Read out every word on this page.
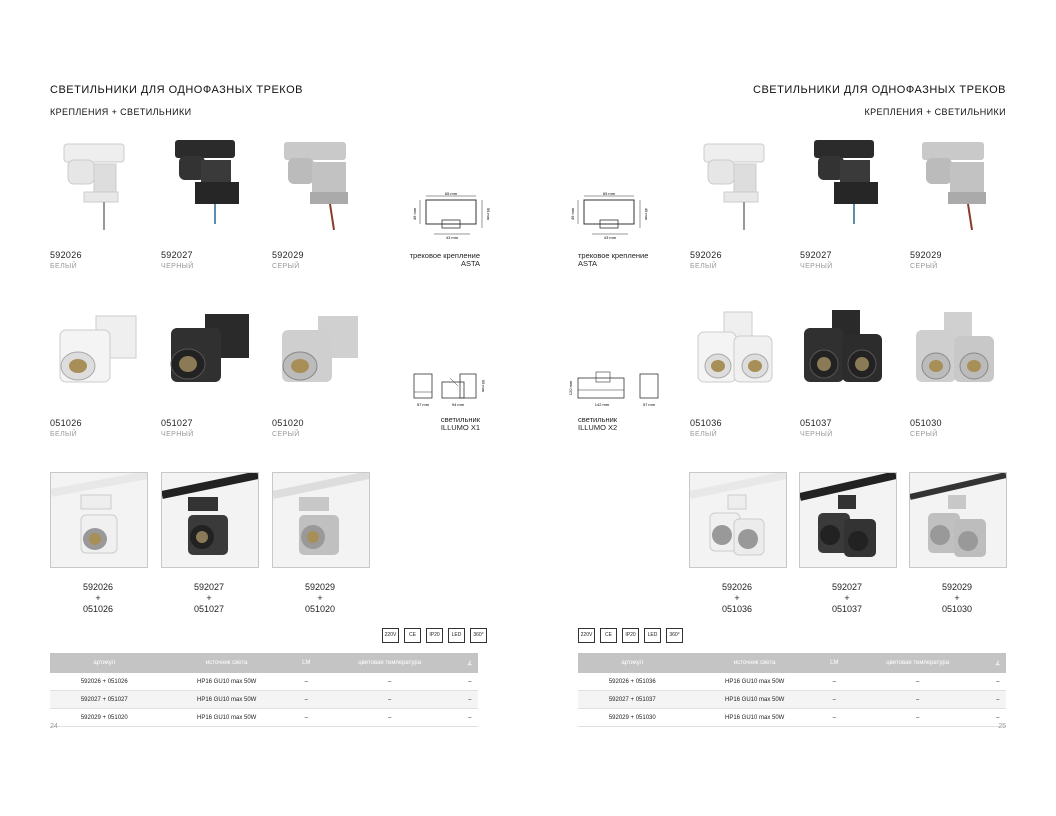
СВЕТИЛЬНИКИ ДЛЯ ОДНОФАЗНЫХ ТРЕКОВ
КРЕПЛЕНИЯ + СВЕТИЛЬНИКИ
592026
БЕЛЫЙ
592027
ЧЕРНЫЙ
592029
СЕРЫЙ
65 mm
46 mm	56 mm
43 mm
трековое крепление
ASTA
051026
БЕЛЫЙ
051027
ЧЕРНЫЙ
051020
СЕРЫЙ
57 mm	94 mm
95 mm
светильник
ILLUMO X1
592026
+
051026
592027
+
051027
592029
+
051020
220V	CE	IP20	LED	360°
артикул	источник света	LM	цветовая температура	∡
592026 + 051026	HP16 GU10 max 50W	–	–	–
592027 + 051027	HP16 GU10 max 50W	–	–	–
592029 + 051020	HP16 GU10 max 50W	–	–	–
24
СВЕТИЛЬНИКИ ДЛЯ ОДНОФАЗНЫХ ТРЕКОВ
КРЕПЛЕНИЯ + СВЕТИЛЬНИКИ
65 mm
46 mm	46 mm
43 mm
трековое крепление
ASTA
592026
БЕЛЫЙ
592027
ЧЕРНЫЙ
592029
СЕРЫЙ
120 mm
142 mm	57 mm
светильник
ILLUMO X2	051036
БЕЛЫЙ
051037
ЧЕРНЫЙ
051030
СЕРЫЙ
592026
+
051036
592027
+
051037
592029
+
051030
220V	CE	IP20	LED	360°
артикул	источник света	LM	цветовая температура	∡
592026 + 051036	HP16 GU10 max 50W	–	–	–
592027 + 051037	HP16 GU10 max 50W	–	–	–
592029 + 051030	HP16 GU10 max 50W	–	–	–
25
